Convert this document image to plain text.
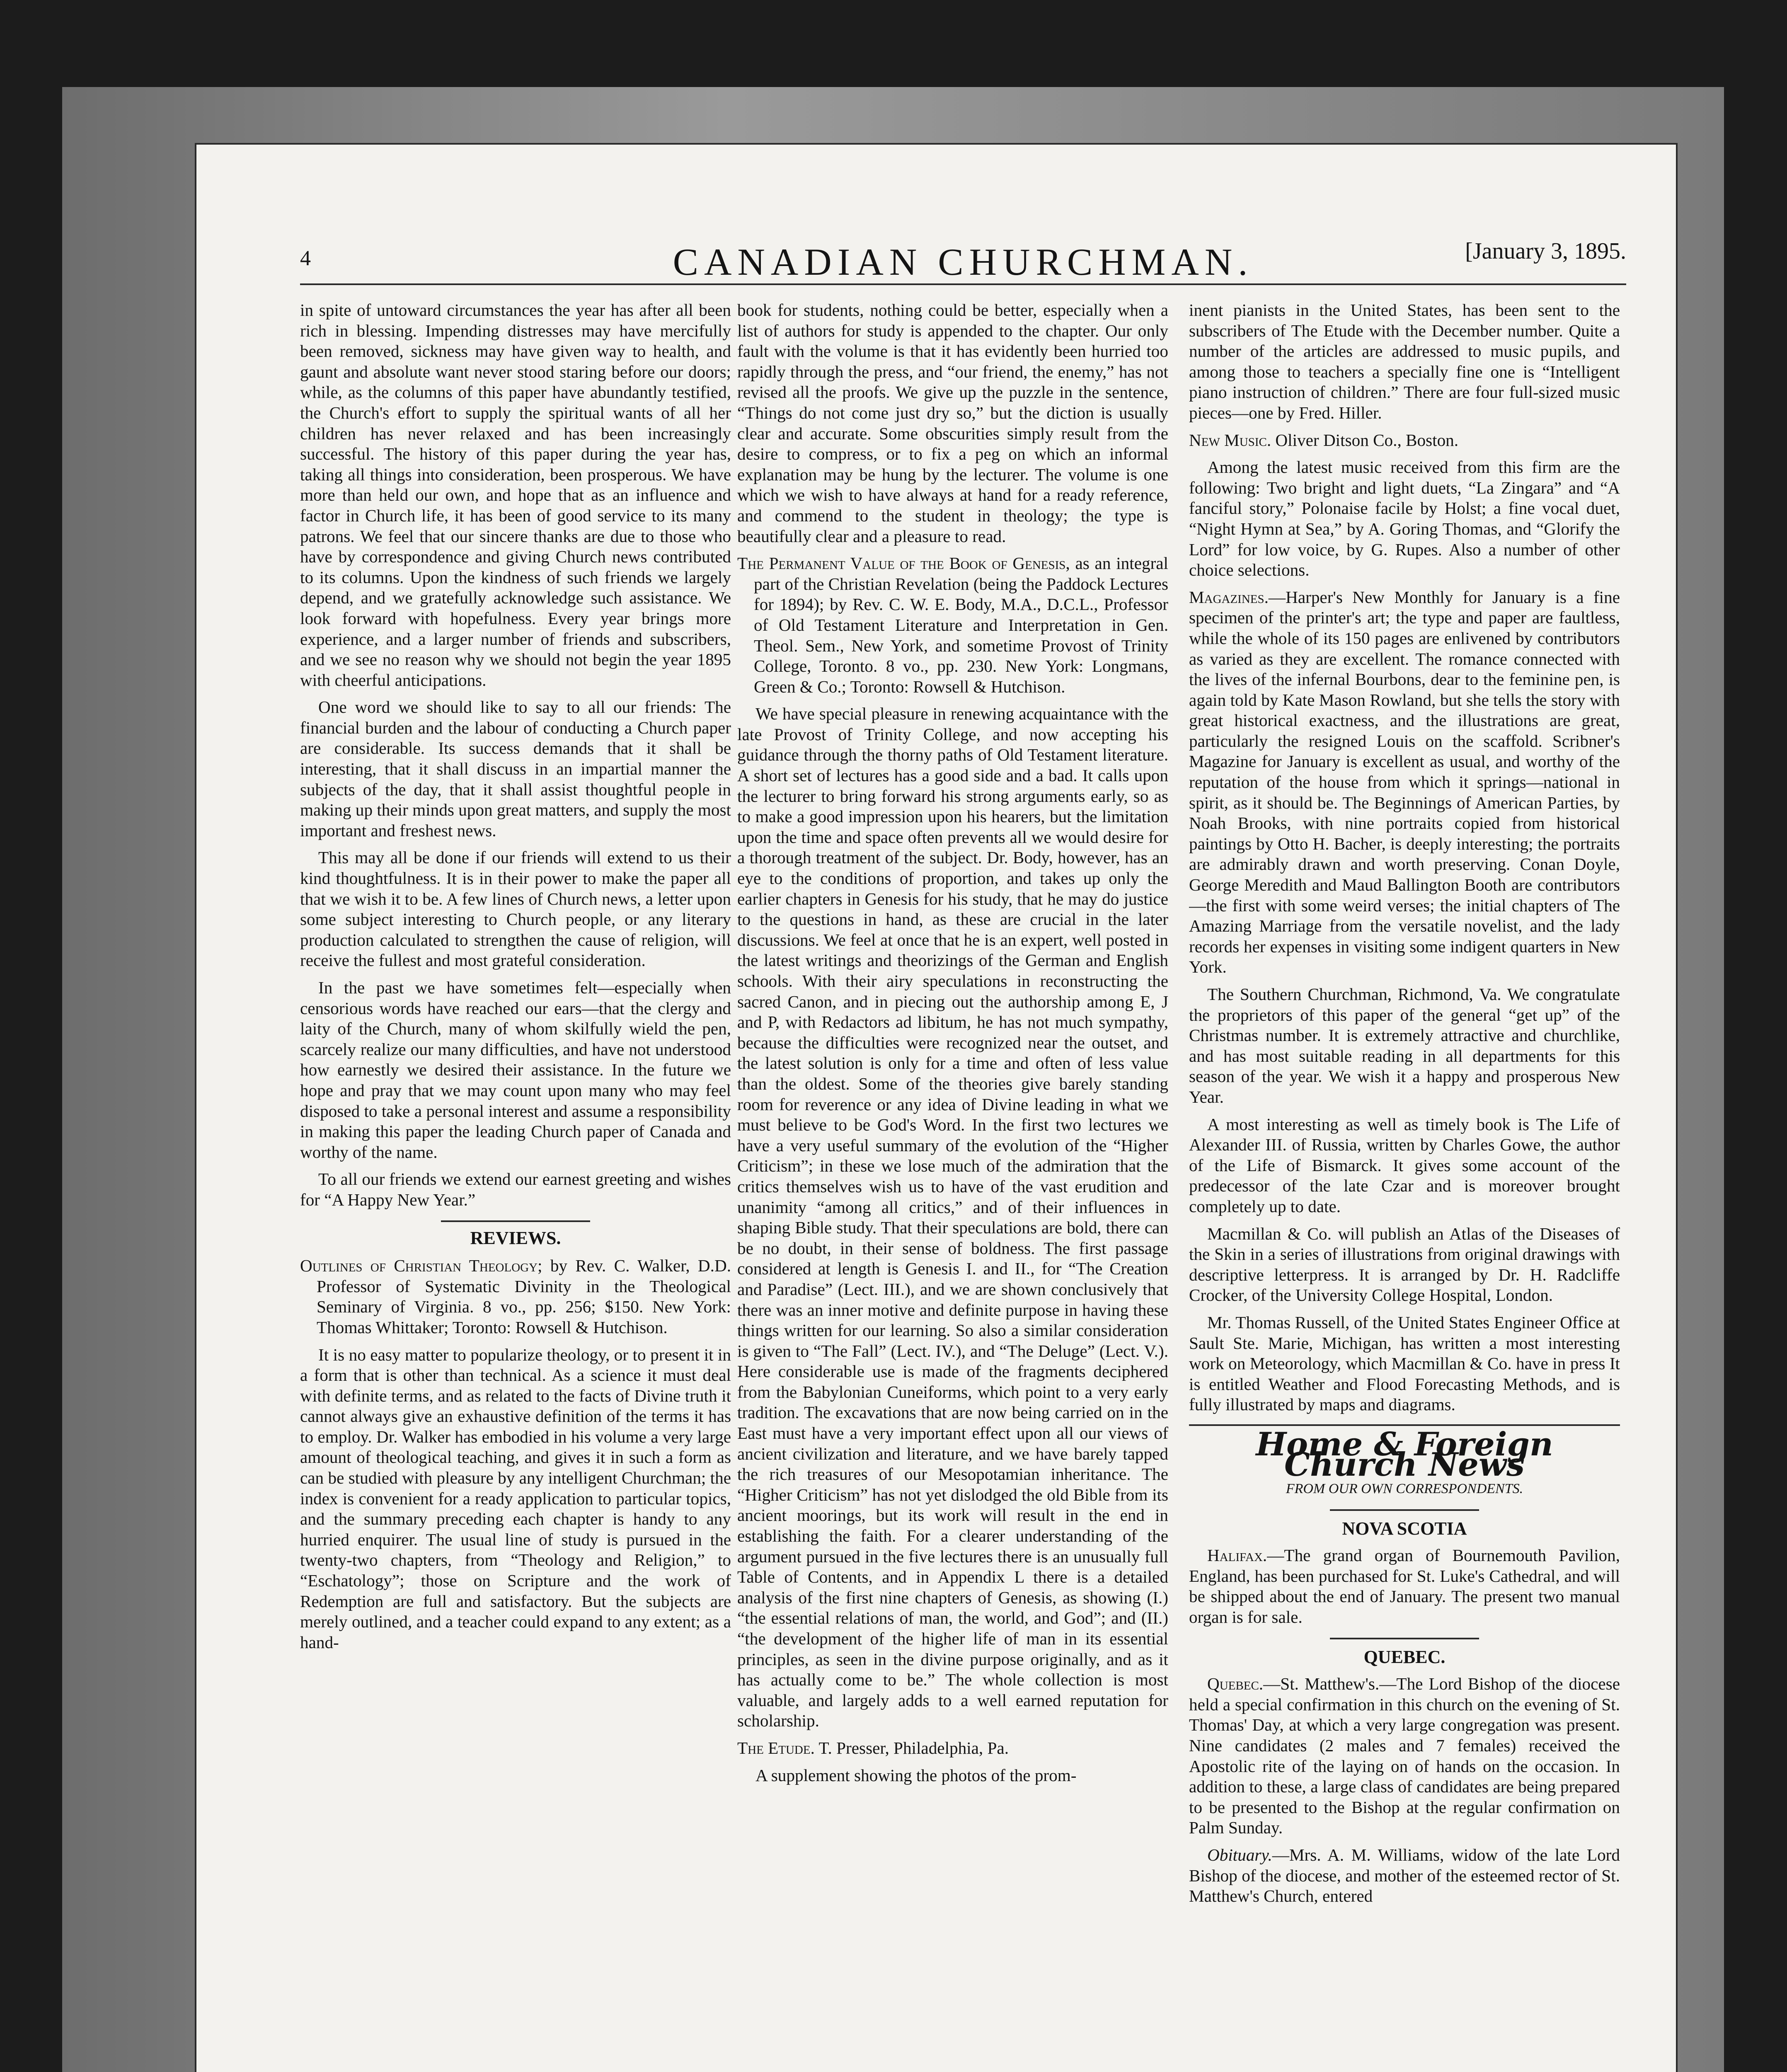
4	CANADIAN CHURCHMAN.	[January 3, 1895.

in spite of untoward circumstances the year has after all been rich in blessing. Impending distresses may have mercifully been removed, sickness may have given way to health, and gaunt and absolute want never stood staring before our doors; while, as the columns of this paper have abundantly testified, the Church's effort to supply the spiritual wants of all her children has never relaxed and has been increasingly successful. The history of this paper during the year has, taking all things into consideration, been prosperous. We have more than held our own, and hope that as an influence and factor in Church life, it has been of good service to its many patrons. We feel that our sincere thanks are due to those who have by correspondence and giving Church news contributed to its columns. Upon the kindness of such friends we largely depend, and we gratefully acknowledge such assistance. We look forward with hopefulness. Every year brings more experience, and a larger number of friends and subscribers, and we see no reason why we should not begin the year 1895 with cheerful anticipations.

One word we should like to say to all our friends: The financial burden and the labour of conducting a Church paper are considerable. Its success demands that it shall be interesting, that it shall discuss in an impartial manner the subjects of the day, that it shall assist thoughtful people in making up their minds upon great matters, and supply the most important and freshest news.

This may all be done if our friends will extend to us their kind thoughtfulness. It is in their power to make the paper all that we wish it to be. A few lines of Church news, a letter upon some subject interesting to Church people, or any literary production calculated to strengthen the cause of religion, will receive the fullest and most grateful consideration.

In the past we have sometimes felt—especially when censorious words have reached our ears—that the clergy and laity of the Church, many of whom skilfully wield the pen, scarcely realize our many difficulties, and have not understood how earnestly we desired their assistance. In the future we hope and pray that we may count upon many who may feel disposed to take a personal interest and assume a responsibility in making this paper the leading Church paper of Canada and worthy of the name.

To all our friends we extend our earnest greeting and wishes for “A Happy New Year.”

REVIEWS.

Outlines of Christian Theology; by Rev. C. Walker, D.D. Professor of Systematic Divinity in the Theological Seminary of Virginia. 8 vo., pp. 256; $150. New York: Thomas Whittaker; Toronto: Rowsell & Hutchison.

It is no easy matter to popularize theology, or to present it in a form that is other than technical. As a science it must deal with definite terms, and as related to the facts of Divine truth it cannot always give an exhaustive definition of the terms it has to employ. Dr. Walker has embodied in his volume a very large amount of theological teaching, and gives it in such a form as can be studied with pleasure by any intelligent Churchman; the index is convenient for a ready application to particular topics, and the summary preceding each chapter is handy to any hurried enquirer. The usual line of study is pursued in the twenty-two chapters, from “Theology and Religion,” to “Eschatology”; those on Scripture and the work of Redemption are full and satisfactory. But the subjects are merely outlined, and a teacher could expand to any extent; as a hand-

book for students, nothing could be better, especially when a list of authors for study is appended to the chapter. Our only fault with the volume is that it has evidently been hurried too rapidly through the press, and “our friend, the enemy,” has not revised all the proofs. We give up the puzzle in the sentence, “Things do not come just dry so,” but the diction is usually clear and accurate. Some obscurities simply result from the desire to compress, or to fix a peg on which an informal explanation may be hung by the lecturer. The volume is one which we wish to have always at hand for a ready reference, and commend to the student in theology; the type is beautifully clear and a pleasure to read.

The Permanent Value of the Book of Genesis, as an integral part of the Christian Revelation (being the Paddock Lectures for 1894); by Rev. C. W. E. Body, M.A., D.C.L., Professor of Old Testament Literature and Interpretation in Gen. Theol. Sem., New York, and sometime Provost of Trinity College, Toronto. 8 vo., pp. 230. New York: Longmans, Green & Co.; Toronto: Rowsell & Hutchison.

We have special pleasure in renewing acquaintance with the late Provost of Trinity College, and now accepting his guidance through the thorny paths of Old Testament literature. A short set of lectures has a good side and a bad. It calls upon the lecturer to bring forward his strong arguments early, so as to make a good impression upon his hearers, but the limitation upon the time and space often prevents all we would desire for a thorough treatment of the subject. Dr. Body, however, has an eye to the conditions of proportion, and takes up only the earlier chapters in Genesis for his study, that he may do justice to the questions in hand, as these are crucial in the later discussions. We feel at once that he is an expert, well posted in the latest writings and theorizings of the German and English schools. With their airy speculations in reconstructing the sacred Canon, and in piecing out the authorship among E, J and P, with Redactors ad libitum, he has not much sympathy, because the difficulties were recognized near the outset, and the latest solution is only for a time and often of less value than the oldest. Some of the theories give barely standing room for reverence or any idea of Divine leading in what we must believe to be God's Word. In the first two lectures we have a very useful summary of the evolution of the “Higher Criticism”; in these we lose much of the admiration that the critics themselves wish us to have of the vast erudition and unanimity “among all critics,” and of their influences in shaping Bible study. That their speculations are bold, there can be no doubt, in their sense of boldness. The first passage considered at length is Genesis I. and II., for “The Creation and Paradise” (Lect. III.), and we are shown conclusively that there was an inner motive and definite purpose in having these things written for our learning. So also a similar consideration is given to “The Fall” (Lect. IV.), and “The Deluge” (Lect. V.). Here considerable use is made of the fragments deciphered from the Babylonian Cuneiforms, which point to a very early tradition. The excavations that are now being carried on in the East must have a very important effect upon all our views of ancient civilization and literature, and we have barely tapped the rich treasures of our Mesopotamian inheritance. The “Higher Criticism” has not yet dislodged the old Bible from its ancient moorings, but its work will result in the end in establishing the faith. For a clearer understanding of the argument pursued in the five lectures there is an unusually full Table of Contents, and in Appendix L there is a detailed analysis of the first nine chapters of Genesis, as showing (I.) “the essential relations of man, the world, and God”; and (II.) “the development of the higher life of man in its essential principles, as seen in the divine purpose originally, and as it has actually come to be.” The whole collection is most valuable, and largely adds to a well earned reputation for scholarship.

The Etude. T. Presser, Philadelphia, Pa.

A supplement showing the photos of the prom-

inent pianists in the United States, has been sent to the subscribers of The Etude with the December number. Quite a number of the articles are addressed to music pupils, and among those to teachers a specially fine one is “Intelligent piano instruction of children.” There are four full-sized music pieces—one by Fred. Hiller.

New Music. Oliver Ditson Co., Boston.

Among the latest music received from this firm are the following: Two bright and light duets, “La Zingara” and “A fanciful story,” Polonaise facile by Holst; a fine vocal duet, “Night Hymn at Sea,” by A. Goring Thomas, and “Glorify the Lord” for low voice, by G. Rupes. Also a number of other choice selections.

Magazines.—Harper's New Monthly for January is a fine specimen of the printer's art; the type and paper are faultless, while the whole of its 150 pages are enlivened by contributors as varied as they are excellent. The romance connected with the lives of the infernal Bourbons, dear to the feminine pen, is again told by Kate Mason Rowland, but she tells the story with great historical exactness, and the illustrations are great, particularly the resigned Louis on the scaffold. Scribner's Magazine for January is excellent as usual, and worthy of the reputation of the house from which it springs—national in spirit, as it should be. The Beginnings of American Parties, by Noah Brooks, with nine portraits copied from historical paintings by Otto H. Bacher, is deeply interesting; the portraits are admirably drawn and worth preserving. Conan Doyle, George Meredith and Maud Ballington Booth are contributors—the first with some weird verses; the initial chapters of The Amazing Marriage from the versatile novelist, and the lady records her expenses in visiting some indigent quarters in New York.

The Southern Churchman, Richmond, Va. We congratulate the proprietors of this paper of the general “get up” of the Christmas number. It is extremely attractive and churchlike, and has most suitable reading in all departments for this season of the year. We wish it a happy and prosperous New Year.

A most interesting as well as timely book is The Life of Alexander III. of Russia, written by Charles Gowe, the author of the Life of Bismarck. It gives some account of the predecessor of the late Czar and is moreover brought completely up to date.

Macmillan & Co. will publish an Atlas of the Diseases of the Skin in a series of illustrations from original drawings with descriptive letterpress. It is arranged by Dr. H. Radcliffe Crocker, of the University College Hospital, London.

Mr. Thomas Russell, of the United States Engineer Office at Sault Ste. Marie, Michigan, has written a most interesting work on Meteorology, which Macmillan & Co. have in press It is entitled Weather and Flood Forecasting Methods, and is fully illustrated by maps and diagrams.

Home & Foreign Church News
FROM OUR OWN CORRESPONDENTS.
NOVA SCOTIA

Halifax.—The grand organ of Bournemouth Pavilion, England, has been purchased for St. Luke's Cathedral, and will be shipped about the end of January. The present two manual organ is for sale.

QUEBEC.

Quebec.—St. Matthew's.—The Lord Bishop of the diocese held a special confirmation in this church on the evening of St. Thomas' Day, at which a very large congregation was present. Nine candidates (2 males and 7 females) received the Apostolic rite of the laying on of hands on the occasion. In addition to these, a large class of candidates are being prepared to be presented to the Bishop at the regular confirmation on Palm Sunday.

Obituary.—Mrs. A. M. Williams, widow of the late Lord Bishop of the diocese, and mother of the esteemed rector of St. Matthew's Church, entered
